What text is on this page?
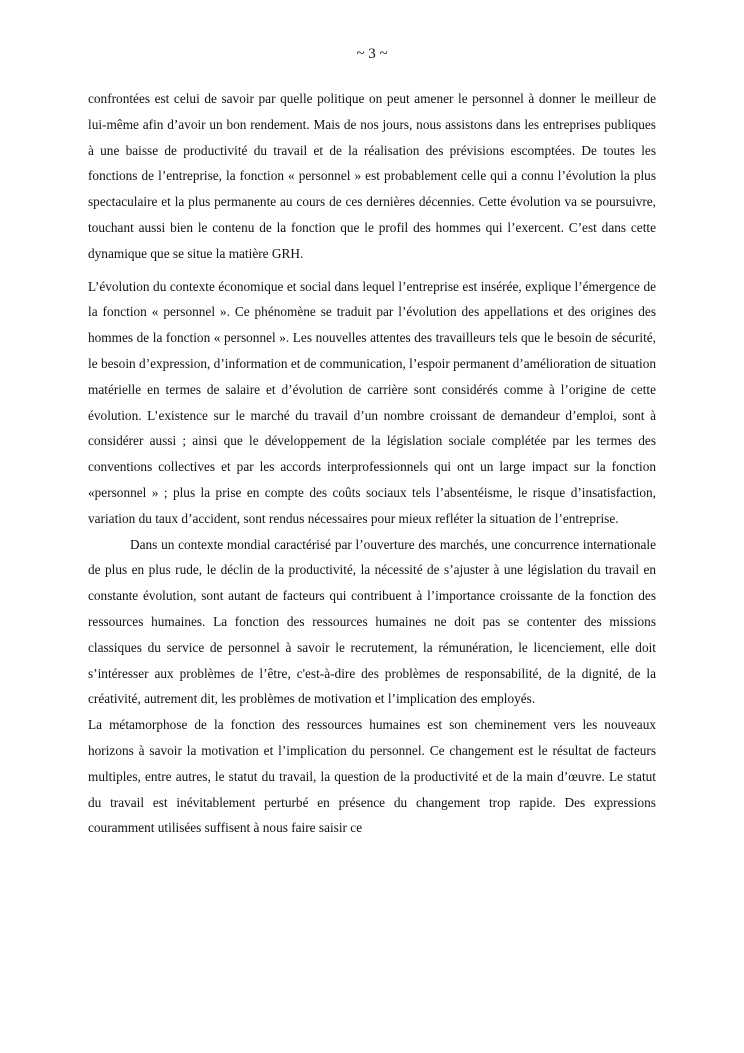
~ 3 ~

confrontées est celui de savoir par quelle politique on peut amener le personnel à donner le meilleur de lui-même afin d’avoir un bon rendement. Mais de nos jours, nous assistons dans les entreprises publiques à une baisse de productivité du travail et de la réalisation des prévisions escomptées. De toutes les fonctions de l’entreprise, la fonction « personnel » est probablement celle qui a connu l’évolution la plus spectaculaire et la plus permanente au cours de ces dernières décennies. Cette évolution va se poursuivre, touchant aussi bien le contenu de la fonction que le profil des hommes qui l’exercent. C’est dans cette dynamique que se situe la matière GRH.

L’évolution du contexte économique et social dans lequel l’entreprise est insérée, explique l’émergence de la fonction « personnel ». Ce phénomène se traduit par l’évolution des appellations et des origines des hommes de la fonction « personnel ». Les nouvelles attentes des travailleurs tels que le besoin de sécurité, le besoin d’expression, d’information et de communication, l’espoir permanent d’amélioration de situation matérielle en termes de salaire et d’évolution de carrière sont considérés comme à l’origine de cette évolution. L’existence sur le marché du travail d’un nombre croissant de demandeur d’emploi, sont à considérer aussi ; ainsi que le développement de la législation sociale complétée par les termes des conventions collectives et par les accords interprofessionnels qui ont un large impact sur la fonction «personnel » ; plus la prise en compte des coûts sociaux tels l’absentéisme, le risque d’insatisfaction, variation du taux d’accident, sont rendus nécessaires pour mieux refléter la situation de l’entreprise.

Dans un contexte mondial caractérisé par l’ouverture des marchés, une concurrence internationale de plus en plus rude, le déclin de la productivité, la nécessité de s’ajuster à une législation du travail en constante évolution, sont autant de facteurs qui contribuent à l’importance croissante de la fonction des ressources humaines. La fonction des ressources humaines ne doit pas se contenter des missions classiques du service de personnel à savoir le recrutement, la rémunération, le licenciement, elle doit s’intéresser aux problèmes de l’être, c'est-à-dire des problèmes de responsabilité, de la dignité, de la créativité, autrement dit, les problèmes de motivation et l’implication des employés.

La métamorphose de la fonction des ressources humaines est son cheminement vers les nouveaux horizons à savoir la motivation et l’implication du personnel. Ce changement est le résultat de facteurs multiples, entre autres, le statut du travail, la question de la productivité et de la main d’œuvre. Le statut du travail est inévitablement perturbé en présence du changement trop rapide. Des expressions couramment utilisées suffisent à nous faire saisir ce
